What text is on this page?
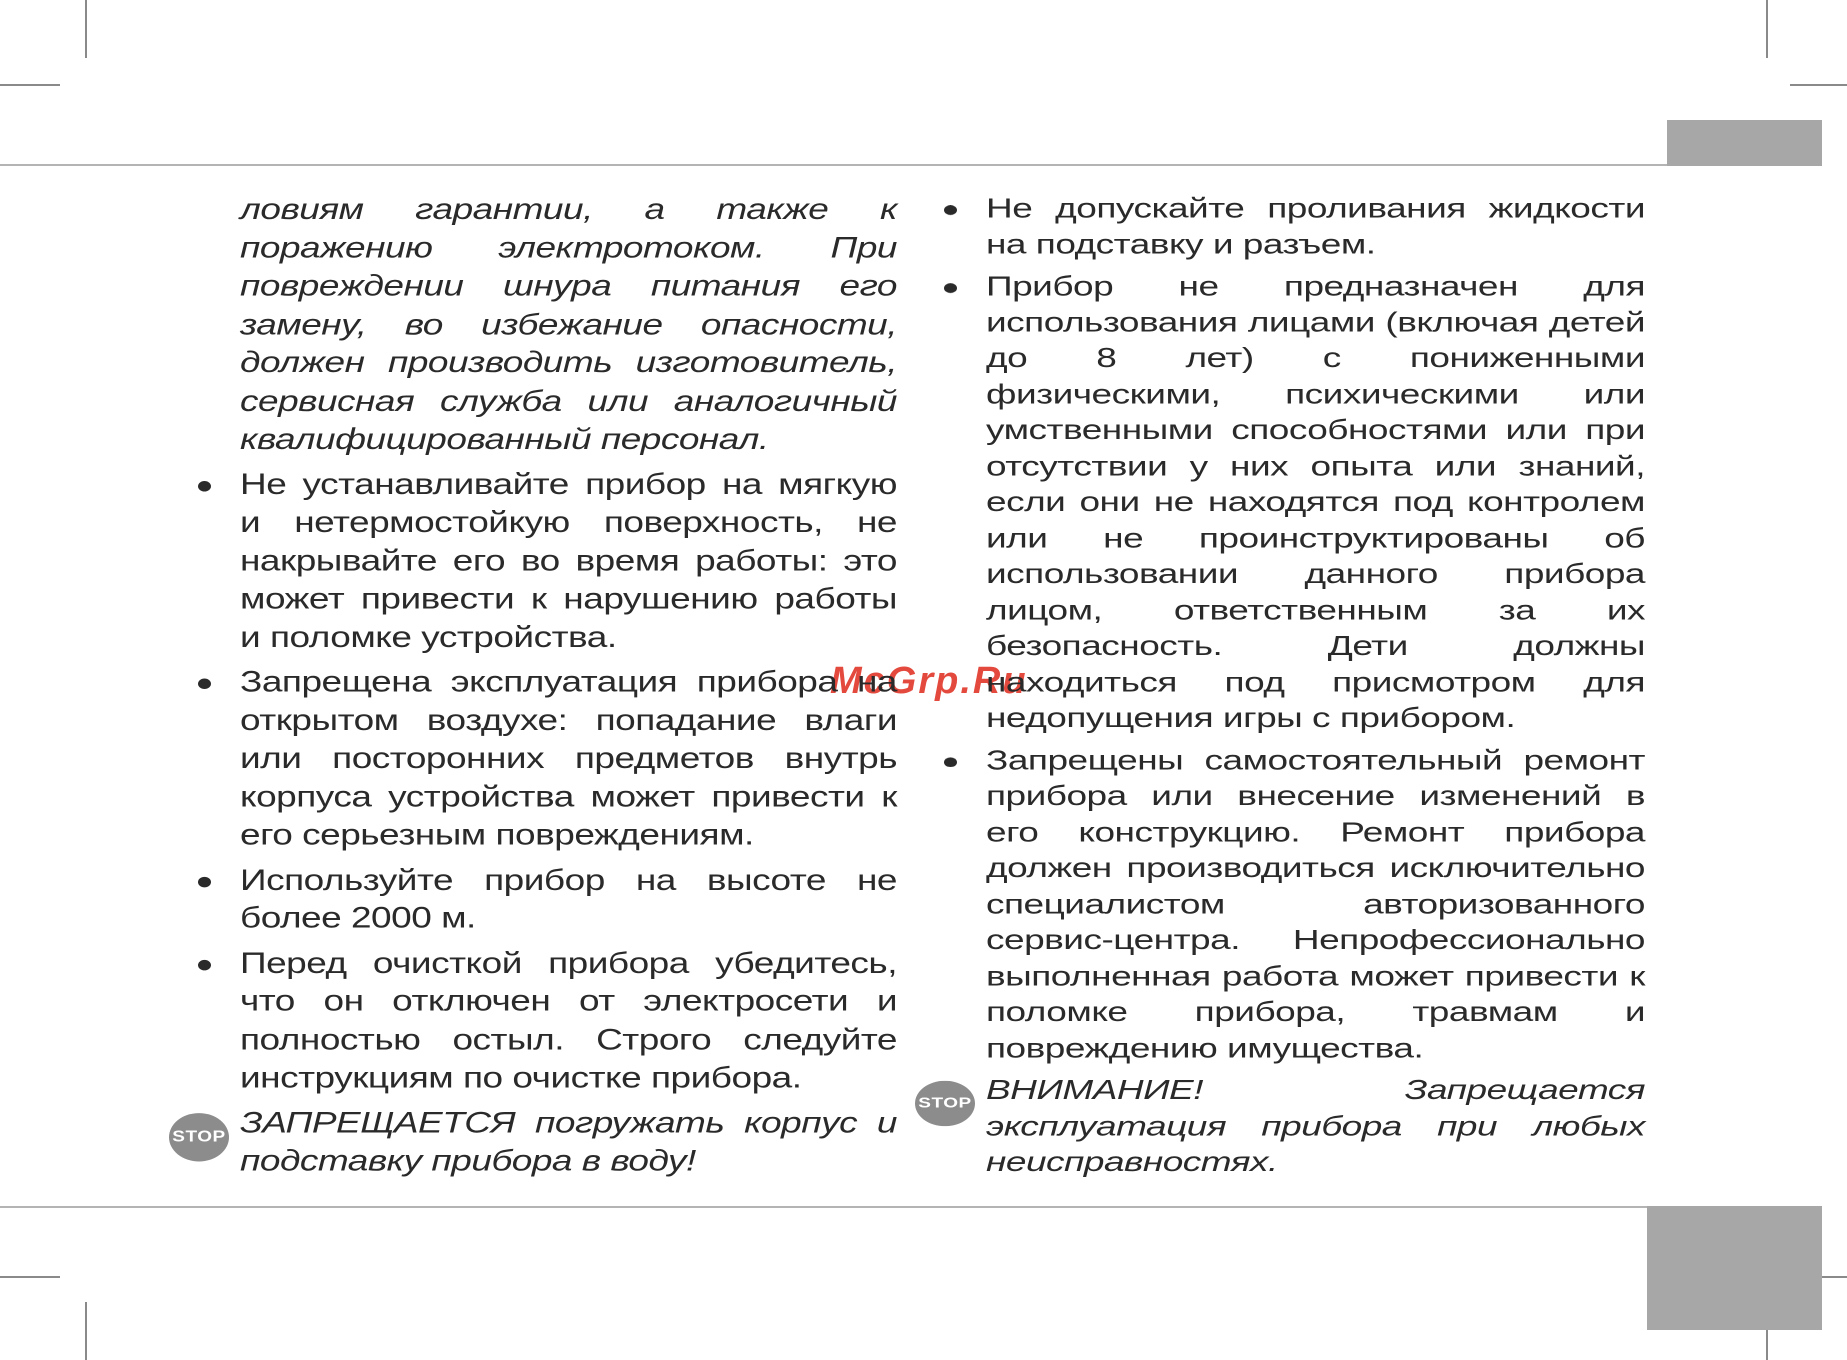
McGrp.Ru

ловиям гарантии, а также к поражению электротоком. При повреждении шнура питания его замену, во избежание опасности, должен производить изготовитель, сервисная служба или аналогичный квалифицированный персонал.

Не устанавливайте прибор на мягкую и нетермостойкую поверхность, не накрывайте его во время работы: это может привести к нарушению работы и поломке устройства.

Запрещена эксплуатация прибора на открытом воздухе: попадание влаги или посторонних предметов внутрь корпуса устройства может привести к его серьезным повреждениям.

Используйте прибор на высоте не более 2000 м.

Перед очисткой прибора убедитесь, что он отключен от электросети и полностью остыл. Строго следуйте инструкциям по очистке прибора.

STOP ЗАПРЕЩАЕТСЯ погружать корпус и подставку прибора в воду!

Не допускайте проливания жидкости на подставку и разъем.

Прибор не предназначен для использования лицами (включая детей до 8 лет) с пониженными физическими, психическими или умственными способностями или при отсутствии у них опыта или знаний, если они не находятся под контролем или не проинструктированы об использовании данного прибора лицом, ответственным за их безопасность. Дети должны находиться под присмотром для недопущения игры с прибором.

Запрещены самостоятельный ремонт прибора или внесение изменений в его конструкцию. Ремонт прибора должен производиться исключительно специалистом авторизованного сервис-центра. Непрофессионально выполненная работа может привести к поломке прибора, травмам и повреждению имущества.

STOP ВНИМАНИЕ! Запрещается эксплуатация прибора при любых неисправностях.
